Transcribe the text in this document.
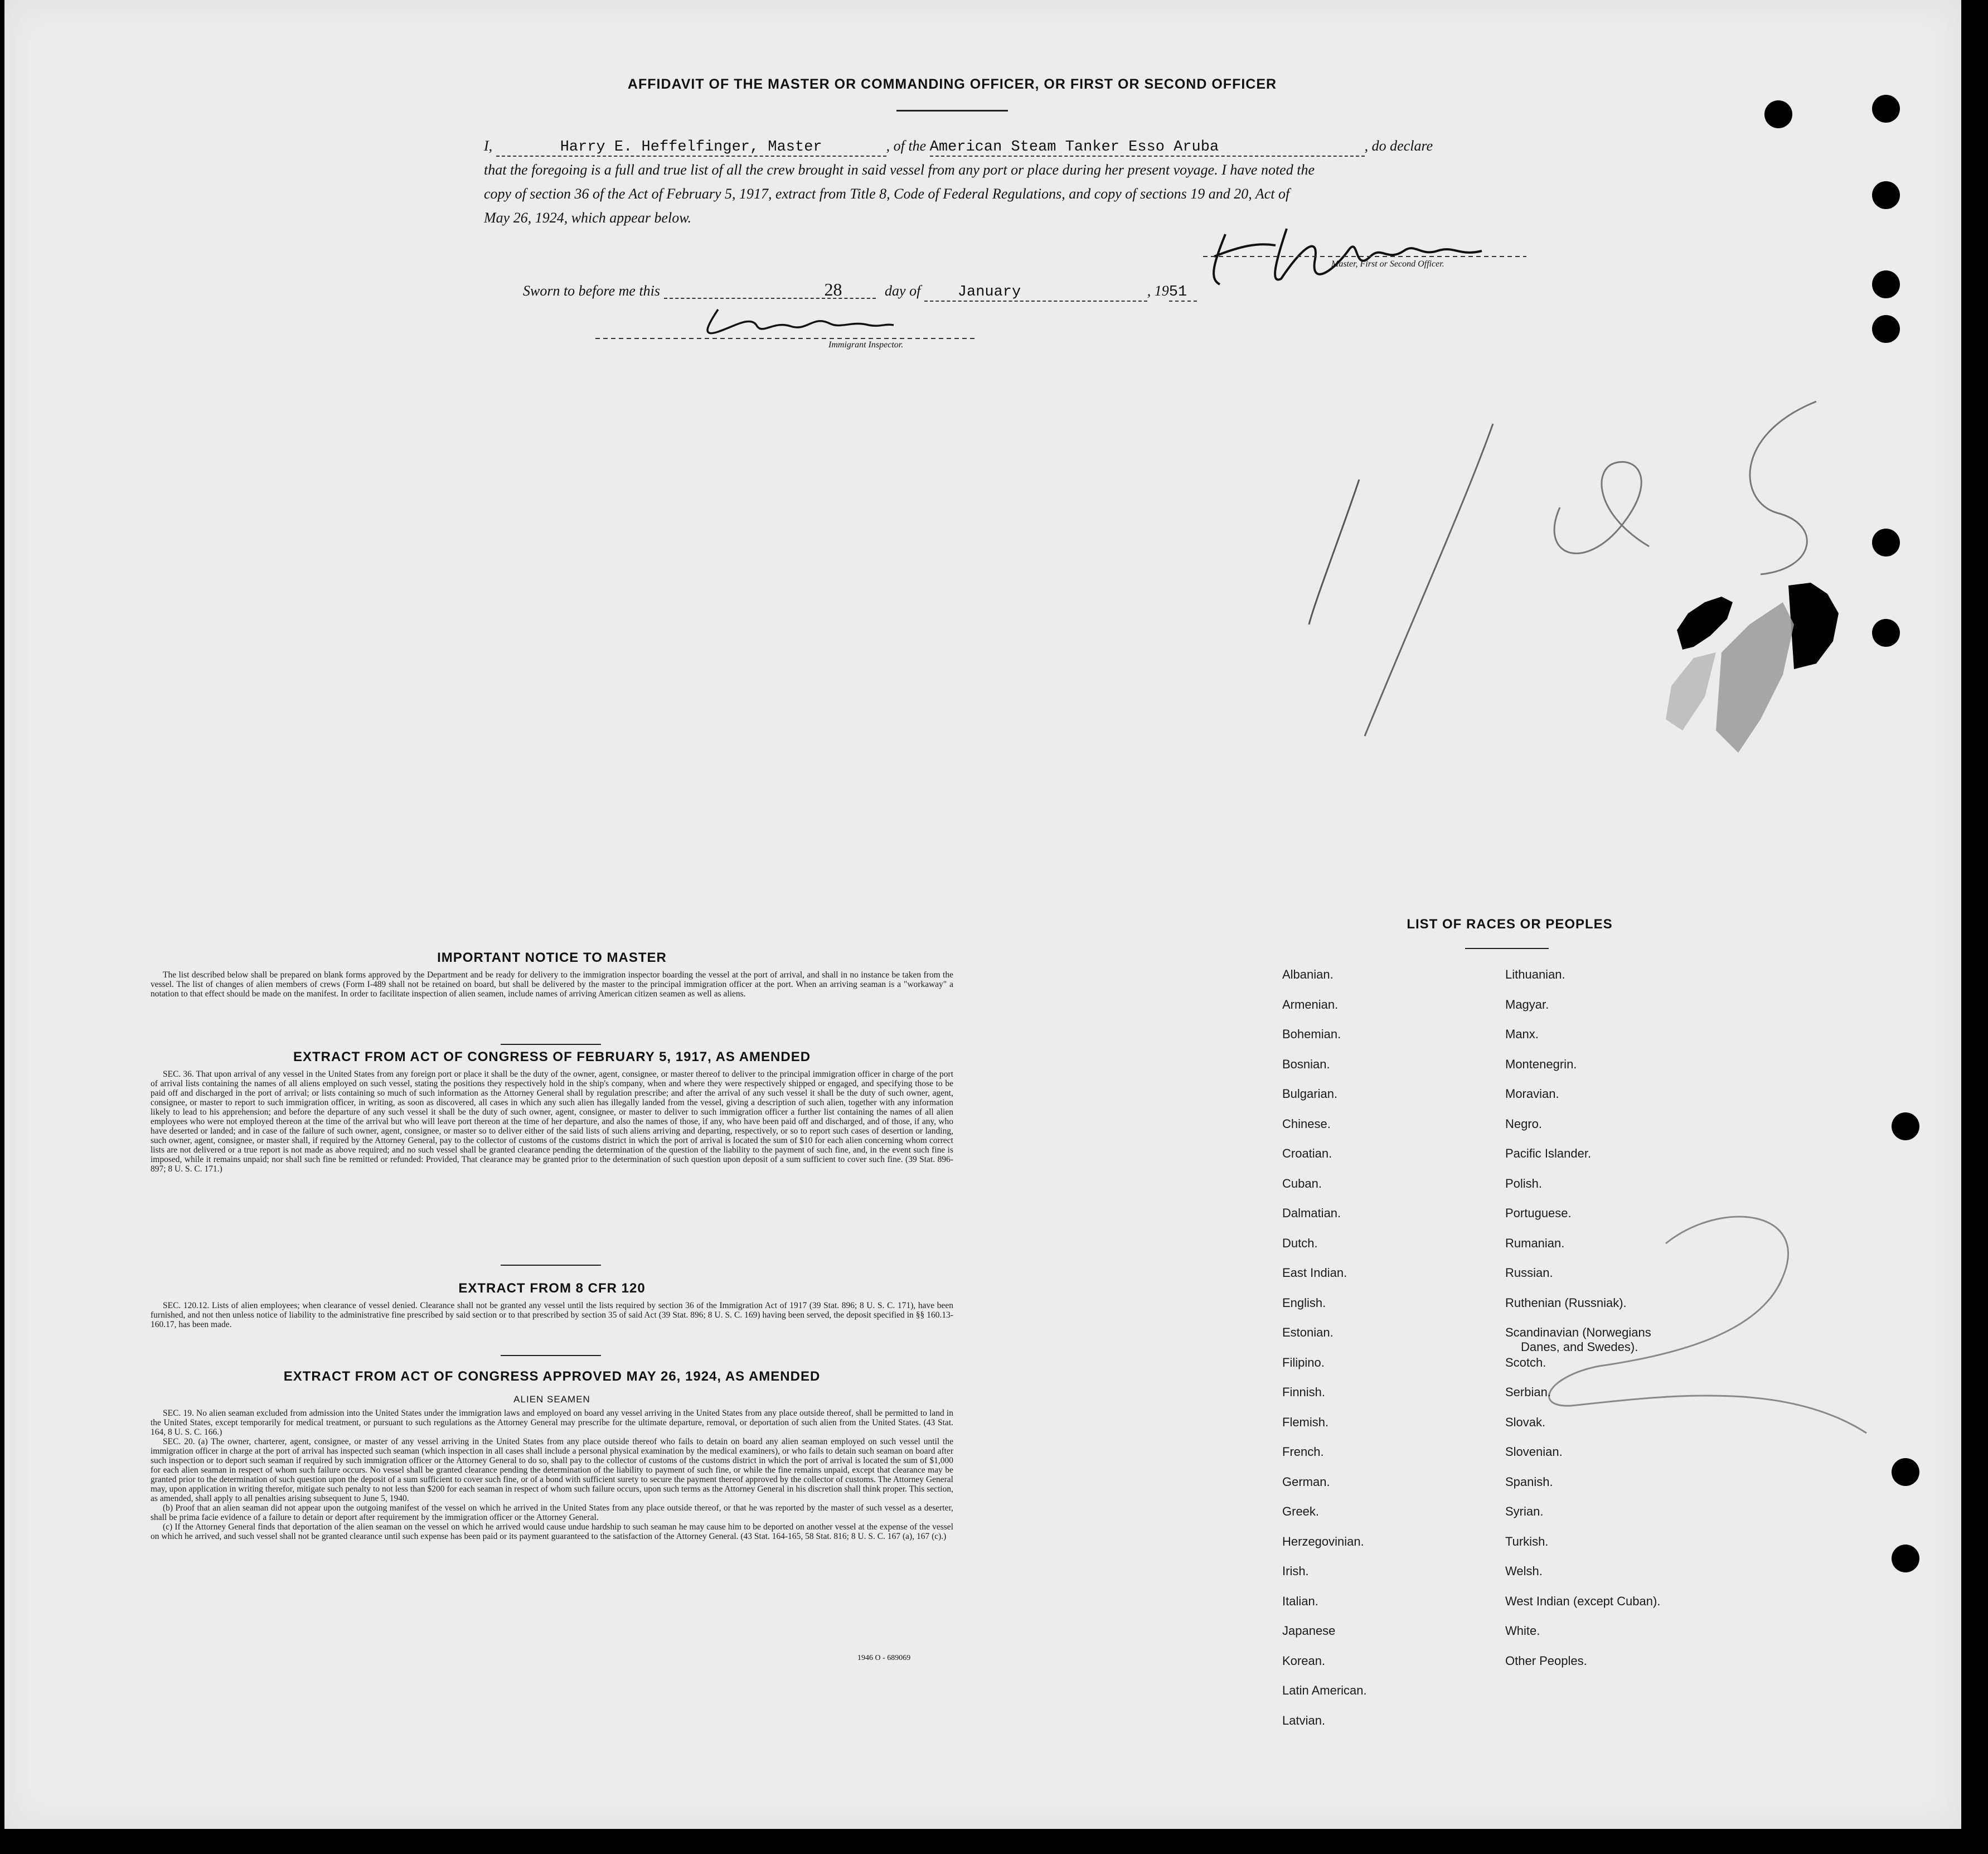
AFFIDAVIT OF THE MASTER OR COMMANDING OFFICER, OR FIRST OR SECOND OFFICER
I,	Harry E. Heffelfinger, Master	, of the American Steam Tanker Esso Aruba	, do declare
that the foregoing is a full and true list of all the crew brought in said vessel from any port or place during her present voyage. I have noted the
copy of section 36 of the Act of February 5, 1917, extract from Title 8, Code of Federal Regulations, and copy of sections 19 and 20, Act of
May 26, 1924, which appear below.
Master, First or Second Officer.
Sworn to before me this	28	day of January	, 1951
Immigrant Inspector.
IMPORTANT NOTICE TO MASTER

The list described below shall be prepared on blank forms approved by the Department and be ready for delivery to the immigration inspector boarding the vessel at the port of arrival, and shall in no instance be taken from the vessel. The list of changes of alien members of crews (Form I-489 shall not be retained on board, but shall be delivered by the master to the principal immigration officer at the port. When an arriving seaman is a "workaway" a notation to that effect should be made on the manifest. In order to facilitate inspection of alien seamen, include names of arriving American citizen seamen as well as aliens.

EXTRACT FROM ACT OF CONGRESS OF FEBRUARY 5, 1917, AS AMENDED

SEC. 36. That upon arrival of any vessel in the United States from any foreign port or place it shall be the duty of the owner, agent, consignee, or master thereof to deliver to the principal immigration officer in charge of the port of arrival lists containing the names of all aliens employed on such vessel, stating the positions they respectively hold in the ship's company, when and where they were respectively shipped or engaged, and specifying those to be paid off and discharged in the port of arrival; or lists containing so much of such information as the Attorney General shall by regulation prescribe; and after the arrival of any such vessel it shall be the duty of such owner, agent, consignee, or master to report to such immigration officer, in writing, as soon as discovered, all cases in which any such alien has illegally landed from the vessel, giving a description of such alien, together with any information likely to lead to his apprehension; and before the departure of any such vessel it shall be the duty of such owner, agent, consignee, or master to deliver to such immigration officer a further list containing the names of all alien employees who were not employed thereon at the time of the arrival but who will leave port thereon at the time of her departure, and also the names of those, if any, who have been paid off and discharged, and of those, if any, who have deserted or landed; and in case of the failure of such owner, agent, consignee, or master so to deliver either of the said lists of such aliens arriving and departing, respectively, or so to report such cases of desertion or landing, such owner, agent, consignee, or master shall, if required by the Attorney General, pay to the collector of customs of the customs district in which the port of arrival is located the sum of $10 for each alien concerning whom correct lists are not delivered or a true report is not made as above required; and no such vessel shall be granted clearance pending the determination of the question of the liability to the payment of such fine, and, in the event such fine is imposed, while it remains unpaid; nor shall such fine be remitted or refunded: Provided, That clearance may be granted prior to the determination of such question upon deposit of a sum sufficient to cover such fine. (39 Stat. 896-897; 8 U. S. C. 171.)

EXTRACT FROM 8 CFR 120

SEC. 120.12. Lists of alien employees; when clearance of vessel denied. Clearance shall not be granted any vessel until the lists required by section 36 of the Immigration Act of 1917 (39 Stat. 896; 8 U. S. C. 171), have been furnished, and not then unless notice of liability to the administrative fine prescribed by said section or to that prescribed by section 35 of said Act (39 Stat. 896; 8 U. S. C. 169) having been served, the deposit specified in §§ 160.13-160.17, has been made.

EXTRACT FROM ACT OF CONGRESS APPROVED MAY 26, 1924, AS AMENDED
ALIEN SEAMEN

SEC. 19. No alien seaman excluded from admission into the United States under the immigration laws and employed on board any vessel arriving in the United States from any place outside thereof, shall be permitted to land in the United States, except temporarily for medical treatment, or pursuant to such regulations as the Attorney General may prescribe for the ultimate departure, removal, or deportation of such alien from the United States. (43 Stat. 164, 8 U. S. C. 166.)

SEC. 20. (a) The owner, charterer, agent, consignee, or master of any vessel arriving in the United States from any place outside thereof who fails to detain on board any alien seaman employed on such vessel until the immigration officer in charge at the port of arrival has inspected such seaman (which inspection in all cases shall include a personal physical examination by the medical examiners), or who fails to detain such seaman on board after such inspection or to deport such seaman if required by such immigration officer or the Attorney General to do so, shall pay to the collector of customs of the customs district in which the port of arrival is located the sum of $1,000 for each alien seaman in respect of whom such failure occurs. No vessel shall be granted clearance pending the determination of the liability to payment of such fine, or while the fine remains unpaid, except that clearance may be granted prior to the determination of such question upon the deposit of a sum sufficient to cover such fine, or of a bond with sufficient surety to secure the payment thereof approved by the collector of customs. The Attorney General may, upon application in writing therefor, mitigate such penalty to not less than $200 for each seaman in respect of whom such failure occurs, upon such terms as the Attorney General in his discretion shall think proper. This section, as amended, shall apply to all penalties arising subsequent to June 5, 1940.

(b) Proof that an alien seaman did not appear upon the outgoing manifest of the vessel on which he arrived in the United States from any place outside thereof, or that he was reported by the master of such vessel as a deserter, shall be prima facie evidence of a failure to detain or deport after requirement by the immigration officer or the Attorney General.

(c) If the Attorney General finds that deportation of the alien seaman on the vessel on which he arrived would cause undue hardship to such seaman he may cause him to be deported on another vessel at the expense of the vessel on which he arrived, and such vessel shall not be granted clearance until such expense has been paid or its payment guaranteed to the satisfaction of the Attorney General. (43 Stat. 164-165, 58 Stat. 816; 8 U. S. C. 167 (a), 167 (c).)

1946 O - 689069
LIST OF RACES OR PEOPLES
Albanian.
Armenian.
Bohemian.
Bosnian.
Bulgarian.
Chinese.
Croatian.
Cuban.
Dalmatian.
Dutch.
East Indian.
English.
Estonian.
Filipino.
Finnish.
Flemish.
French.
German.
Greek.
Herzegovinian.
Irish.
Italian.
Japanese
Korean.
Latin American.
Latvian.
Lithuanian.
Magyar.
Manx.
Montenegrin.
Moravian.
Negro.
Pacific Islander.
Polish.
Portuguese.
Rumanian.
Russian.
Ruthenian (Russniak).
Scandinavian (Norwegians
Danes, and Swedes).
Scotch.
Serbian.
Slovak.
Slovenian.
Spanish.
Syrian.
Turkish.
Welsh.
West Indian (except Cuban).
White.
Other Peoples.
